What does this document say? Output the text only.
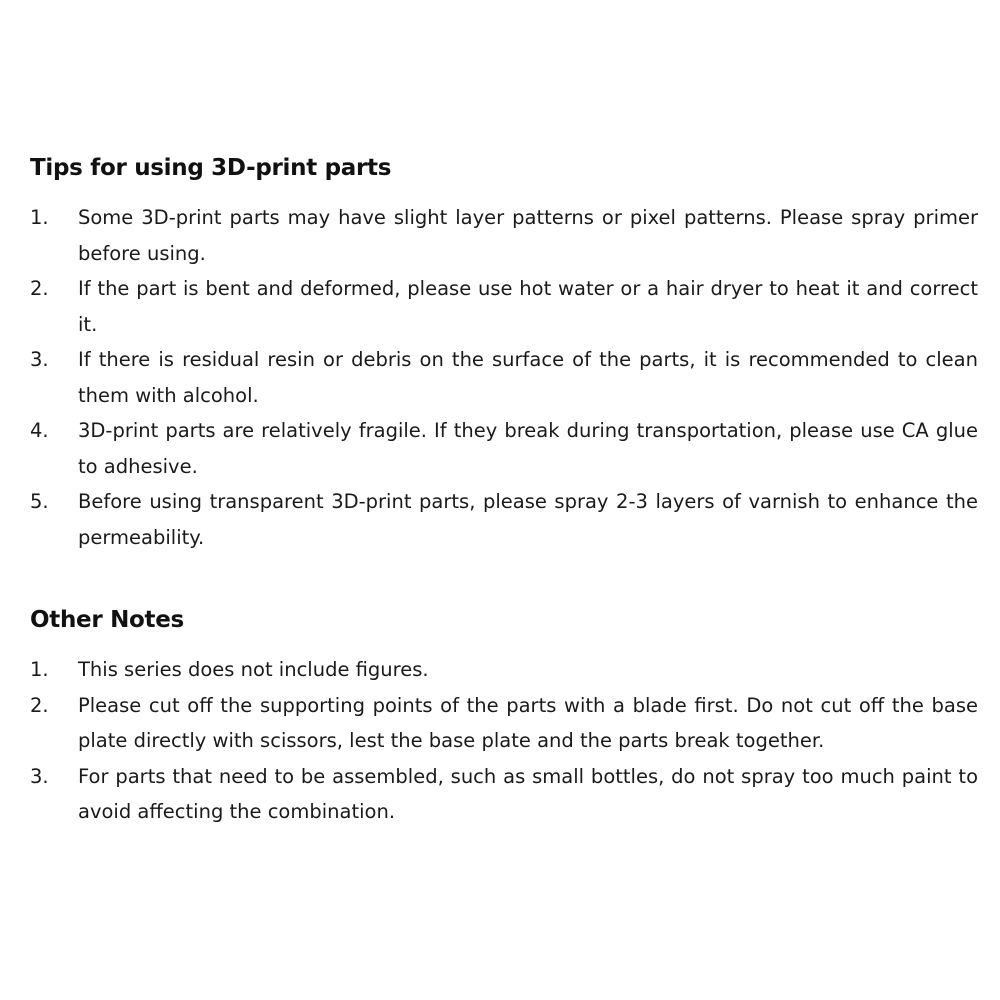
Tips for using 3D-print parts
1.	Some 3D-print parts may have slight layer patterns or pixel patterns. Please spray primer before using.
2.	If the part is bent and deformed, please use hot water or a hair dryer to heat it and correct it.
3.	If there is residual resin or debris on the surface of the parts, it is recommended to clean them with alcohol.
4.	3D-print parts are relatively fragile. If they break during transportation, please use CA glue to adhesive.
5.	Before using transparent 3D-print parts, please spray 2-3 layers of varnish to enhance the permeability.
Other Notes
1.	This series does not include figures.
2.	Please cut off the supporting points of the parts with a blade first. Do not cut off the base plate directly with scissors, lest the base plate and the parts break together.
3.	For parts that need to be assembled, such as small bottles, do not spray too much paint to avoid affecting the combination.
